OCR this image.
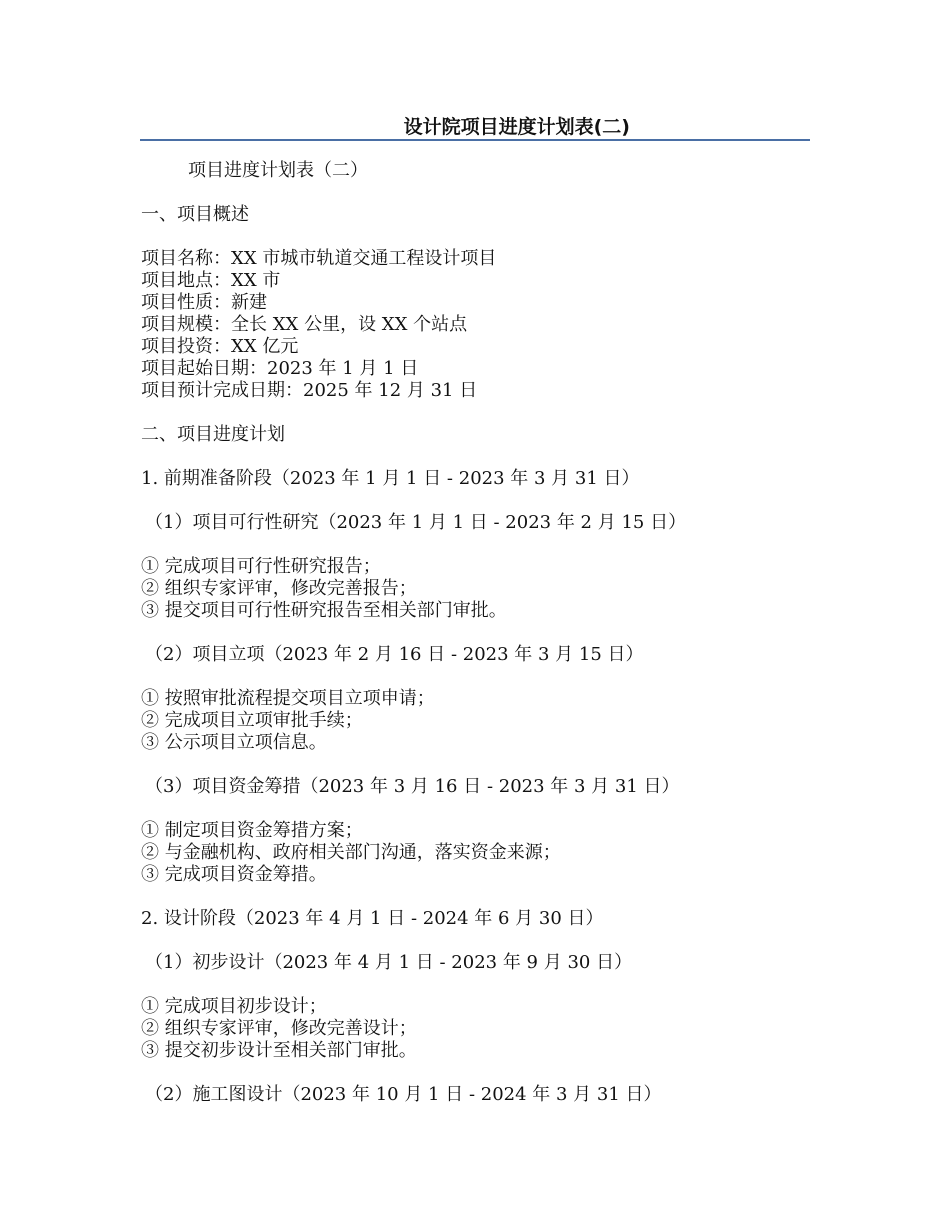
设计院项目进度计划表(二)
项目进度计划表（二）
一、项目概述
项目名称：XX 市城市轨道交通工程设计项目
项目地点：XX 市
项目性质：新建
项目规模：全长 XX 公里，设 XX 个站点
项目投资：XX 亿元
项目起始日期：2023 年 1 月 1 日
项目预计完成日期：2025 年 12 月 31 日
二、项目进度计划
1. 前期准备阶段（2023 年 1 月 1 日 - 2023 年 3 月 31 日）
（1）项目可行性研究（2023 年 1 月 1 日 - 2023 年 2 月 15 日）
① 完成项目可行性研究报告；
② 组织专家评审，修改完善报告；
③ 提交项目可行性研究报告至相关部门审批。
（2）项目立项（2023 年 2 月 16 日 - 2023 年 3 月 15 日）
① 按照审批流程提交项目立项申请；
② 完成项目立项审批手续；
③ 公示项目立项信息。
（3）项目资金筹措（2023 年 3 月 16 日 - 2023 年 3 月 31 日）
① 制定项目资金筹措方案；
② 与金融机构、政府相关部门沟通，落实资金来源；
③ 完成项目资金筹措。
2. 设计阶段（2023 年 4 月 1 日 - 2024 年 6 月 30 日）
（1）初步设计（2023 年 4 月 1 日 - 2023 年 9 月 30 日）
① 完成项目初步设计；
② 组织专家评审，修改完善设计；
③ 提交初步设计至相关部门审批。
（2）施工图设计（2023 年 10 月 1 日 - 2024 年 3 月 31 日）
